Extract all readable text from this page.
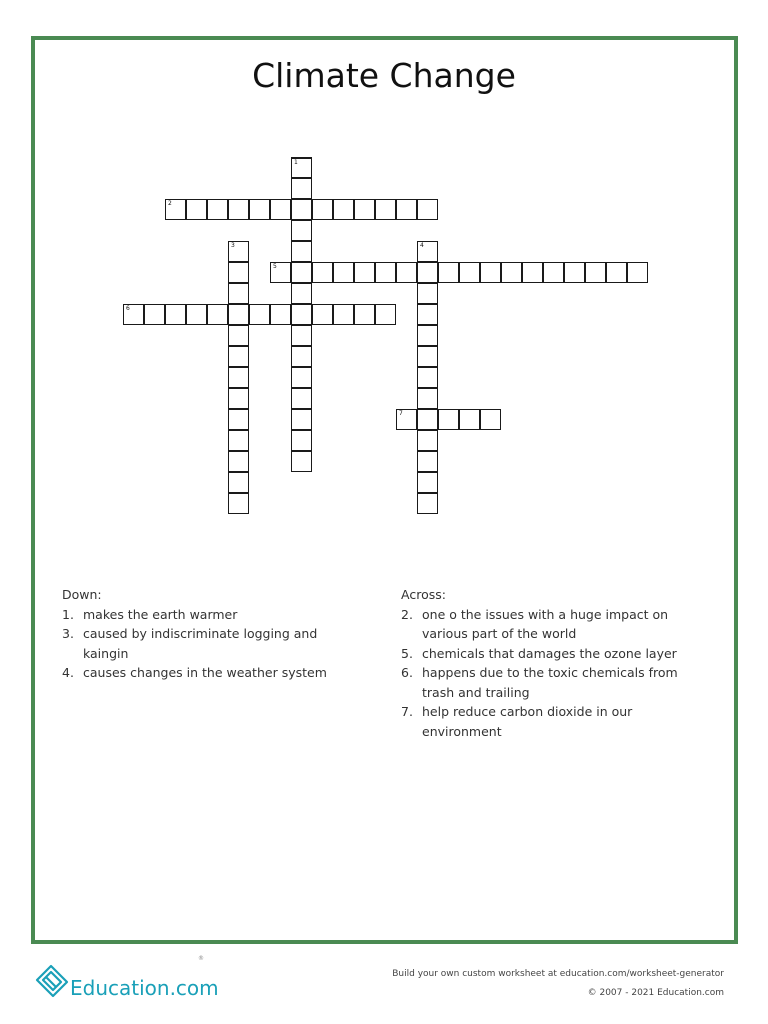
Climate Change
1
2
3	4
5
6
7
Down:
1. makes the earth warmer
3. caused by indiscriminate logging and kaingin
4. causes changes in the weather system
Across:
2. one o the issues with a huge impact on various part of the world
5. chemicals that damages the ozone layer
6. happens due to the toxic chemicals from trash and trailing
7. help reduce carbon dioxide in our environment
Education.com
®
Build your own custom worksheet at education.com/worksheet-generator
© 2007 - 2021 Education.com
